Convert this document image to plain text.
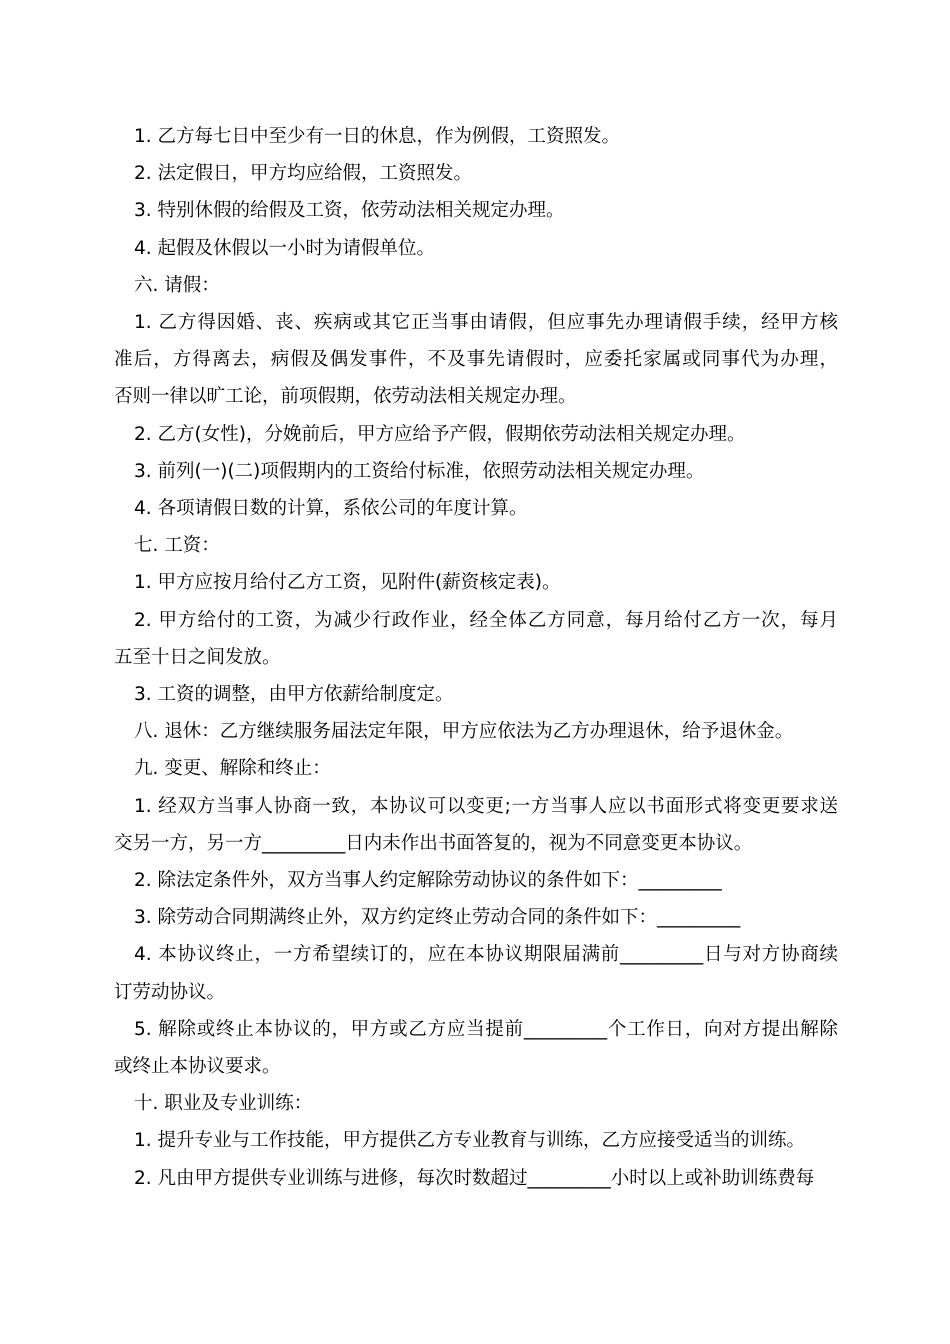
1. 乙方每七日中至少有一日的休息，作为例假，工资照发。
2. 法定假日，甲方均应给假，工资照发。
3. 特别休假的给假及工资，依劳动法相关规定办理。
4. 起假及休假以一小时为请假单位。
六. 请假：
1. 乙方得因婚、丧、疾病或其它正当事由请假，但应事先办理请假手续，经甲方核
准后，方得离去，病假及偶发事件，不及事先请假时，应委托家属或同事代为办理，
否则一律以旷工论，前项假期，依劳动法相关规定办理。
2. 乙方(女性)，分娩前后，甲方应给予产假，假期依劳动法相关规定办理。
3. 前列(一)(二)项假期内的工资给付标准，依照劳动法相关规定办理。
4. 各项请假日数的计算，系依公司的年度计算。
七. 工资：
1. 甲方应按月给付乙方工资，见附件(薪资核定表)。
2. 甲方给付的工资，为减少行政作业，经全体乙方同意，每月给付乙方一次，每月
五至十日之间发放。
3. 工资的调整，由甲方依薪给制度定。
八. 退休：乙方继续服务届法定年限，甲方应依法为乙方办理退休，给予退休金。
九. 变更、解除和终止：
1. 经双方当事人协商一致，本协议可以变更;一方当事人应以书面形式将变更要求送
交另一方，另一方_________日内未作出书面答复的，视为不同意变更本协议。
2. 除法定条件外，双方当事人约定解除劳动协议的条件如下：_________
3. 除劳动合同期满终止外，双方约定终止劳动合同的条件如下：_________
4. 本协议终止，一方希望续订的，应在本协议期限届满前_________日与对方协商续
订劳动协议。
5. 解除或终止本协议的，甲方或乙方应当提前_________个工作日，向对方提出解除
或终止本协议要求。
十. 职业及专业训练：
1. 提升专业与工作技能，甲方提供乙方专业教育与训练，乙方应接受适当的训练。
2. 凡由甲方提供专业训练与进修，每次时数超过_________小时以上或补助训练费每
